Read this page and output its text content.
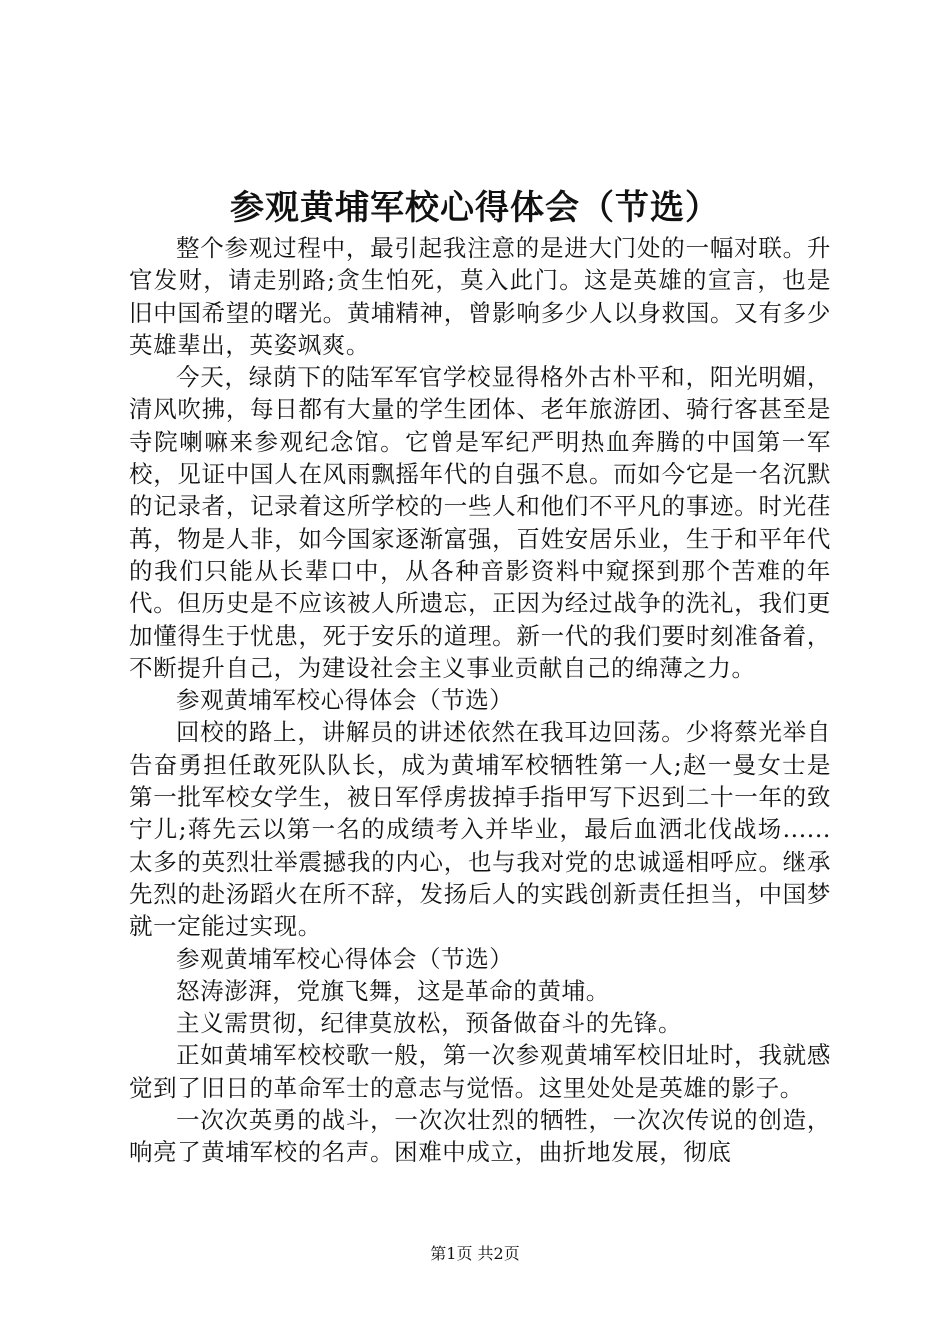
参观黄埔军校心得体会（节选）

整个参观过程中，最引起我注意的是进大门处的一幅对联。升官发财，请走别路;贪生怕死，莫入此门。这是英雄的宣言，也是旧中国希望的曙光。黄埔精神，曾影响多少人以身救国。又有多少英雄辈出，英姿飒爽。

今天，绿荫下的陆军军官学校显得格外古朴平和，阳光明媚，清风吹拂，每日都有大量的学生团体、老年旅游团、骑行客甚至是寺院喇嘛来参观纪念馆。它曾是军纪严明热血奔腾的中国第一军校，见证中国人在风雨飘摇年代的自强不息。而如今它是一名沉默的记录者，记录着这所学校的一些人和他们不平凡的事迹。时光荏苒，物是人非，如今国家逐渐富强，百姓安居乐业，生于和平年代的我们只能从长辈口中，从各种音影资料中窥探到那个苦难的年代。但历史是不应该被人所遗忘，正因为经过战争的洗礼，我们更加懂得生于忧患，死于安乐的道理。新一代的我们要时刻准备着，不断提升自己，为建设社会主义事业贡献自己的绵薄之力。

参观黄埔军校心得体会（节选）

回校的路上，讲解员的讲述依然在我耳边回荡。少将蔡光举自告奋勇担任敢死队队长，成为黄埔军校牺牲第一人;赵一曼女士是第一批军校女学生，被日军俘虏拔掉手指甲写下迟到二十一年的致宁儿;蒋先云以第一名的成绩考入并毕业，最后血洒北伐战场......太多的英烈壮举震撼我的内心，也与我对党的忠诚遥相呼应。继承先烈的赴汤蹈火在所不辞，发扬后人的实践创新责任担当，中国梦就一定能过实现。

参观黄埔军校心得体会（节选）

怒涛澎湃，党旗飞舞，这是革命的黄埔。

主义需贯彻，纪律莫放松，预备做奋斗的先锋。

正如黄埔军校校歌一般，第一次参观黄埔军校旧址时，我就感觉到了旧日的革命军士的意志与觉悟。这里处处是英雄的影子。

一次次英勇的战斗，一次次壮烈的牺牲，一次次传说的创造，响亮了黄埔军校的名声。困难中成立，曲折地发展，彻底

第1页 共2页
